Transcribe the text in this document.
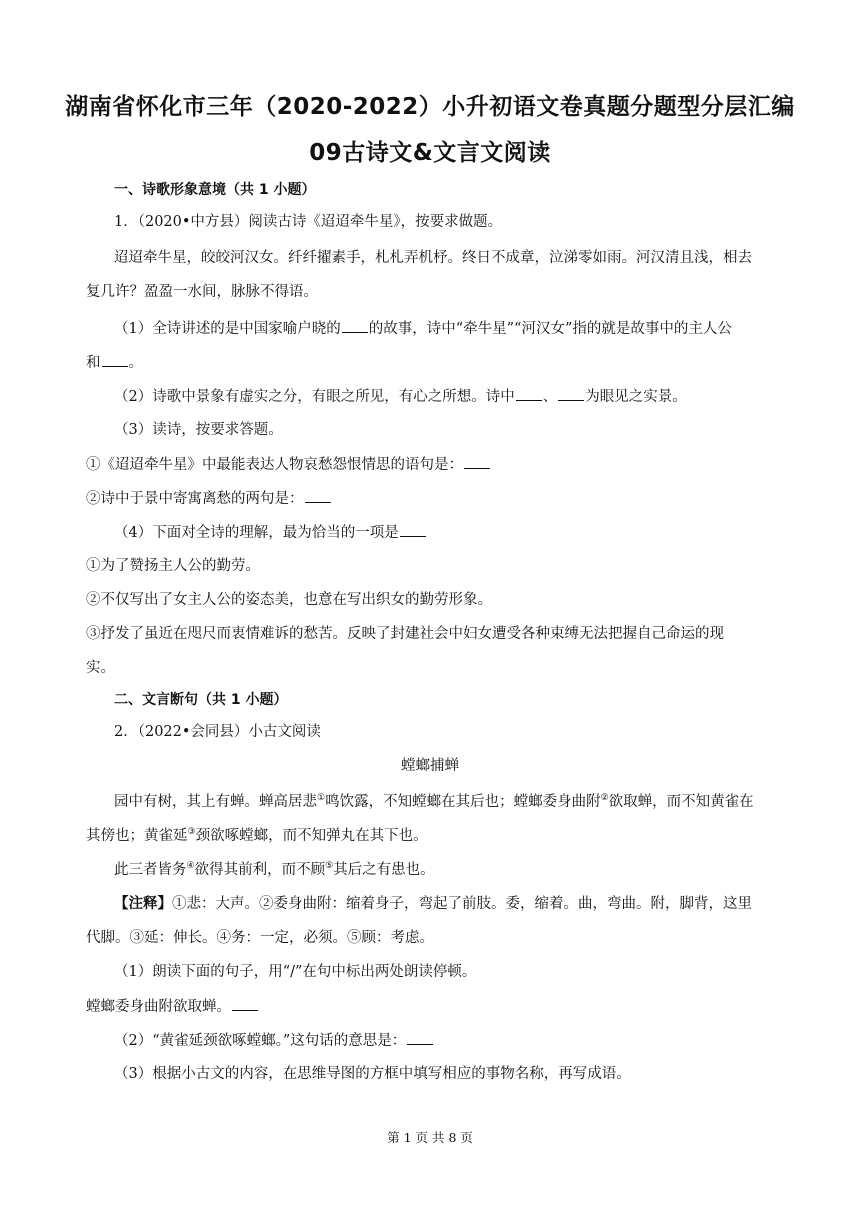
湖南省怀化市三年（2020-2022）小升初语文卷真题分题型分层汇编
09古诗文&文言文阅读
一、诗歌形象意境（共 1 小题）
1．（2020•中方县）阅读古诗《迢迢牵牛星》，按要求做题。
迢迢牵牛星，皎皎河汉女。纤纤擢素手，札札弄机杼。终日不成章，泣涕零如雨。河汉清且浅，相去
复几许？盈盈一水间，脉脉不得语。
（1）全诗讲述的是中国家喻户晓的 的故事，诗中“牵牛星”“河汉女”指的就是故事中的主人公
和 。
（2）诗歌中景象有虚实之分，有眼之所见，有心之所想。诗中 、 为眼见之实景。
（3）读诗，按要求答题。
①《迢迢牵牛星》中最能表达人物哀愁怨恨情思的语句是：
②诗中于景中寄寓离愁的两句是：
（4）下面对全诗的理解，最为恰当的一项是
①为了赞扬主人公的勤劳。
②不仅写出了女主人公的姿态美，也意在写出织女的勤劳形象。
③抒发了虽近在咫尺而衷情难诉的愁苦。反映了封建社会中妇女遭受各种束缚无法把握自己命运的现
实。
二、文言断句（共 1 小题）
2．（2022•会同县）小古文阅读
螳螂捕蝉
园中有树，其上有蝉。蝉高居悲①鸣饮露，不知螳螂在其后也；螳螂委身曲附②欲取蝉，而不知黄雀在
其傍也；黄雀延③颈欲啄螳螂，而不知弹丸在其下也。
此三者皆务④欲得其前利，而不顾⑤其后之有患也。
【注释】①悲：大声。②委身曲附：缩着身子，弯起了前肢。委，缩着。曲，弯曲。附，脚背，这里
代脚。③延：伸长。④务：一定，必须。⑤顾：考虑。
（1）朗读下面的句子，用“/”在句中标出两处朗读停顿。
螳螂委身曲附欲取蝉。
（2）“黄雀延颈欲啄螳螂。”这句话的意思是：
（3）根据小古文的内容，在思维导图的方框中填写相应的事物名称，再写成语。
第 1 页 共 8 页
